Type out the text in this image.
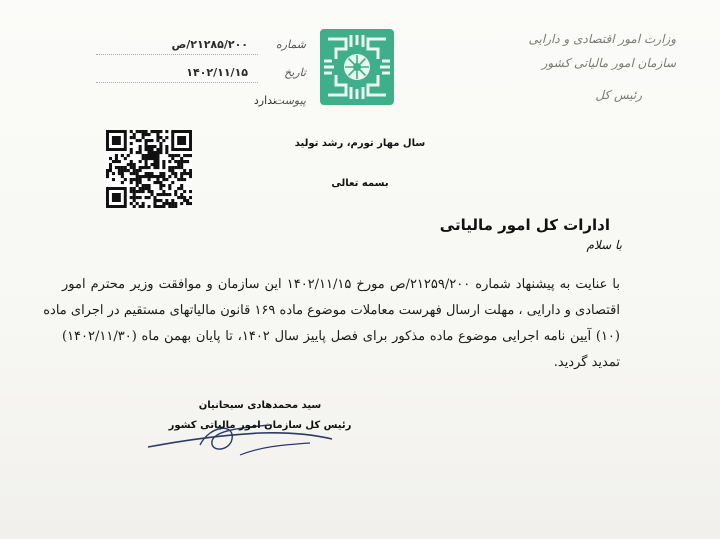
وزارت امور اقتصادی و دارایی
سازمان امور مالیاتی کشور
رئیس کل
شماره
۲۱۲۸۵/۲۰۰/ص
تاریخ
۱۴۰۲/۱۱/۱۵
پیوست
ندارد
سال مهار تورم، رشد تولید
بسمه تعالی
ادارات کل امور مالیاتی
با سلام
با عنایت به پیشنهاد شماره ۲۱۲۵۹/۲۰۰/ص مورخ ۱۴۰۲/۱۱/۱۵ این سازمان و موافقت وزیر محترم امور
اقتصادی و دارایی ، مهلت ارسال فهرست معاملات موضوع ماده ۱۶۹ قانون مالیاتهای مستقیم در اجرای ماده
(۱۰) آیین نامه اجرایی موضوع ماده مذکور برای فصل پاییز سال ۱۴۰۲، تا پایان بهمن ماه (۱۴۰۲/۱۱/۳۰)
تمدید گردید.
سید محمدهادی سبحانیان
رئیس کل سازمان امور مالیاتی کشور
